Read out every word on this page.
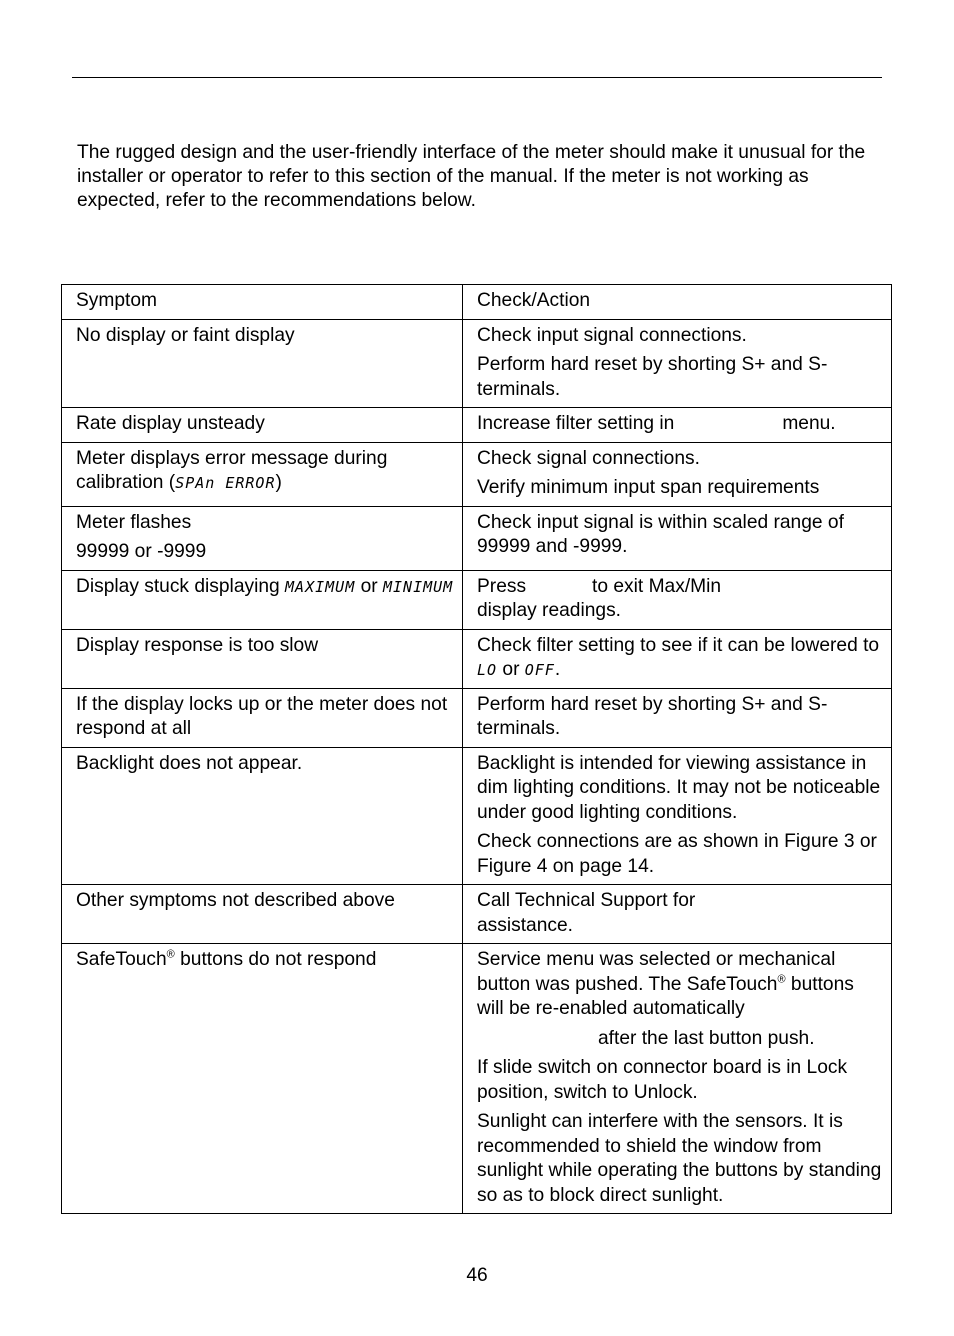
The rugged design and the user-friendly interface of the meter should make it unusual for the installer or operator to refer to this section of the manual. If the meter is not working as expected, refer to the recommendations below.

Symptom	Check/Action
No display or faint display	Check input signal connections.

Perform hard reset by shorting S+ and S- terminals.

Rate display unsteady	Increase filter setting in menu.

Meter displays error message during calibration (SPAn ERROR)	Check signal connections.

Verify minimum input span requirements

Meter flashes

99999 or -9999	Check input signal is within scaled range of 99999 and -9999.
Display stuck displaying MAXIMUM or MINIMUM	Press to exit Max/Min
display readings.
Display response is too slow	Check filter setting to see if it can be lowered to LO or OFF.
If the display locks up or the meter does not respond at all	Perform hard reset by shorting S+ and S- terminals.
Backlight does not appear.	Backlight is intended for viewing assistance in dim lighting conditions. It may not be noticeable under good lighting conditions.

Check connections are as shown in Figure 3 or Figure 4 on page 14.

Other symptoms not described above	Call Technical Support for
assistance.
SafeTouch® buttons do not respond	Service menu was selected or mechanical button was pushed. The SafeTouch® buttons will be re-enabled automatically

after the last button push.

If slide switch on connector board is in Lock position, switch to Unlock.

Sunlight can interfere with the sensors. It is recommended to shield the window from sunlight while operating the buttons by standing so as to block direct sunlight.

46
